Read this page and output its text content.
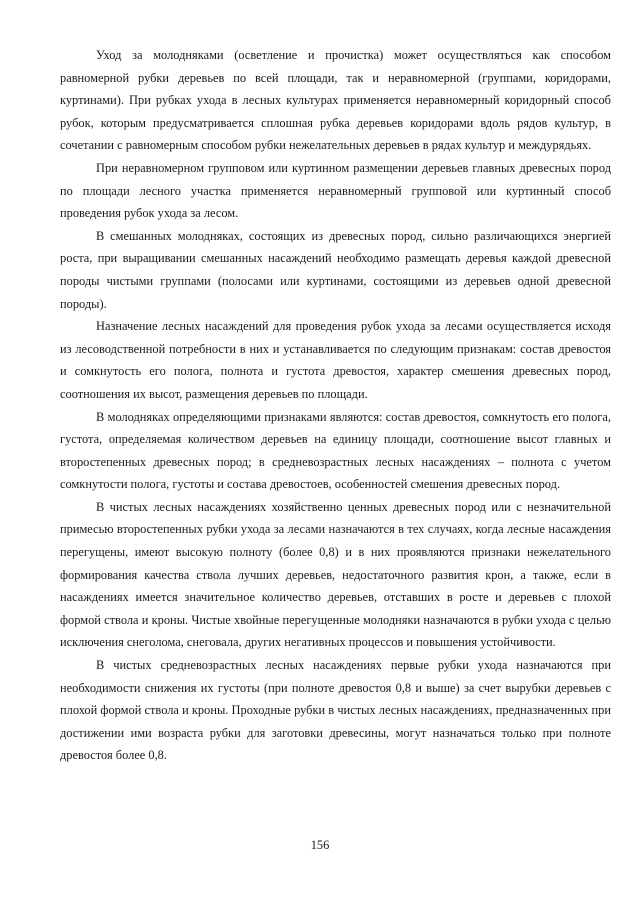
Уход за молодняками (осветление и прочистка) может осуществляться как способом равномерной рубки деревьев по всей площади, так и неравномерной (группами, коридорами, куртинами). При рубках ухода в лесных культурах применяется неравномерный коридорный способ рубок, которым предусматривается сплошная рубка деревьев коридорами вдоль рядов культур, в сочетании с равномерным способом рубки нежелательных деревьев в рядах культур и междурядьях.

При неравномерном групповом или куртинном размещении деревьев главных древесных пород по площади лесного участка применяется неравномерный групповой или куртинный способ проведения рубок ухода за лесом.

В смешанных молодняках, состоящих из древесных пород, сильно различающихся энергией роста, при выращивании смешанных насаждений необходимо размещать деревья каждой древесной породы чистыми группами (полосами или куртинами, состоящими из деревьев одной древесной породы).

Назначение лесных насаждений для проведения рубок ухода за лесами осуществляется исходя из лесоводственной потребности в них и устанавливается по следующим признакам: состав древостоя и сомкнутость его полога, полнота и густота древостоя, характер смешения древесных пород, соотношения их высот, размещения деревьев по площади.

В молодняках определяющими признаками являются: состав древостоя, сомкнутость его полога, густота, определяемая количеством деревьев на единицу площади, соотношение высот главных и второстепенных древесных пород; в средневозрастных лесных насаждениях – полнота с учетом сомкнутости полога, густоты и состава древостоев, особенностей смешения древесных пород.

В чистых лесных насаждениях хозяйственно ценных древесных пород или с незначительной примесью второстепенных рубки ухода за лесами назначаются в тех случаях, когда лесные насаждения перегущены, имеют высокую полноту (более 0,8) и в них проявляются признаки нежелательного формирования качества ствола лучших деревьев, недостаточного развития крон, а также, если в насаждениях имеется значительное количество деревьев, отставших в росте и деревьев с плохой формой ствола и кроны. Чистые хвойные перегущенные молодняки назначаются в рубки ухода с целью исключения снеголома, снеговала, других негативных процессов и повышения устойчивости.

В чистых средневозрастных лесных насаждениях первые рубки ухода назначаются при необходимости снижения их густоты (при полноте древостоя 0,8 и выше) за счет вырубки деревьев с плохой формой ствола и кроны. Проходные рубки в чистых лесных насаждениях, предназначенных при достижении ими возраста рубки для заготовки древесины, могут назначаться только при полноте древостоя более 0,8.

156
